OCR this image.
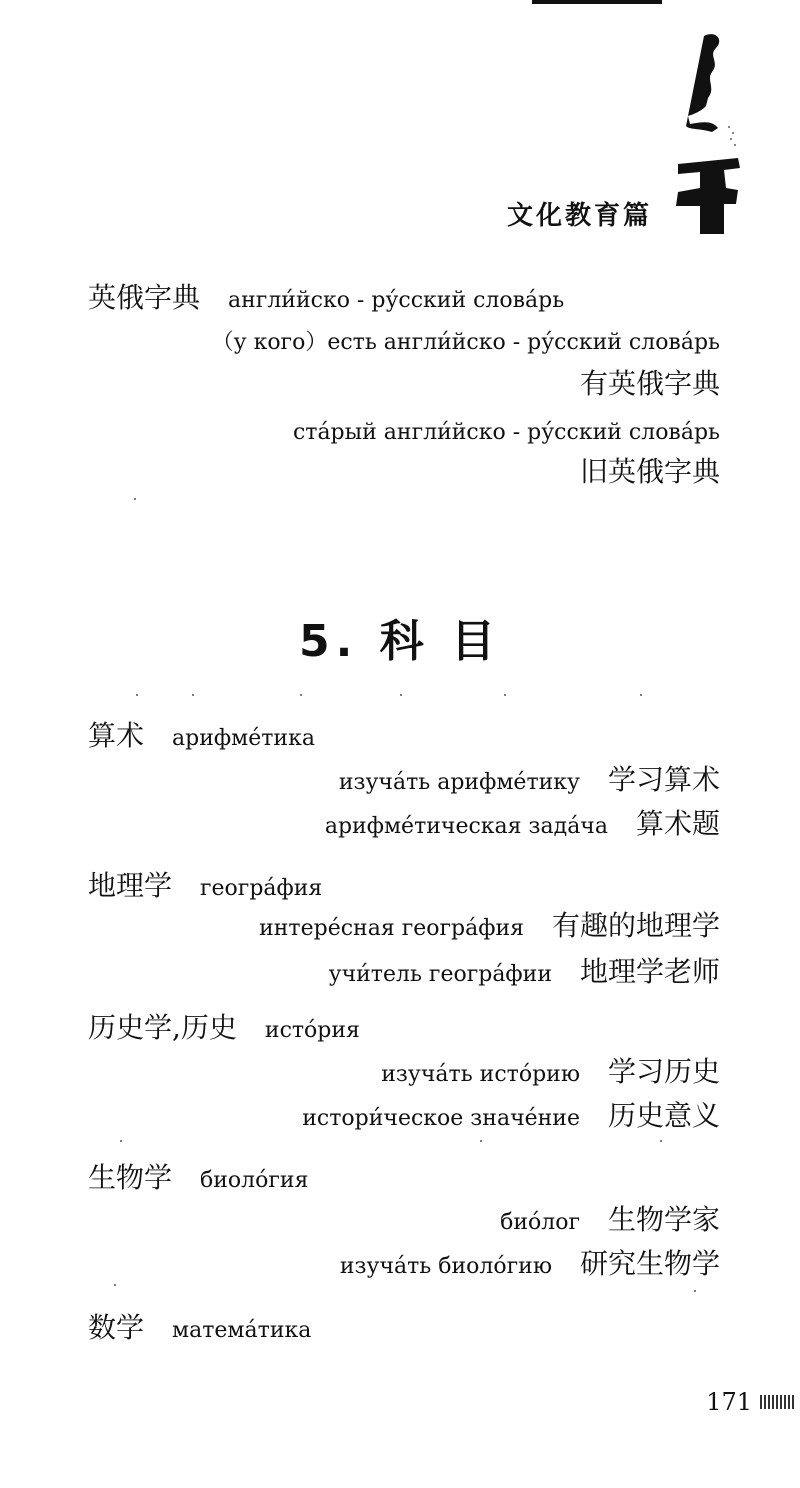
文化教育篇
英俄字典 англи́йско - ру́сский слова́рь
（у кого）есть англи́йско - ру́сский слова́рь
有英俄字典
ста́рый англи́йско - ру́сский слова́рь
旧英俄字典
5. 科 目
算术 арифме́тика
изуча́ть арифме́тику 学习算术
арифме́тическая зада́ча 算术题
地理学 геогра́фия
интере́сная геогра́фия 有趣的地理学
учи́тель геогра́фии 地理学老师
历史学,历史 исто́рия
изуча́ть исто́рию 学习历史
истори́ческое значе́ние 历史意义
生物学 биоло́гия
био́лог 生物学家
изуча́ть биоло́гию 研究生物学
数学 матема́тика
171
